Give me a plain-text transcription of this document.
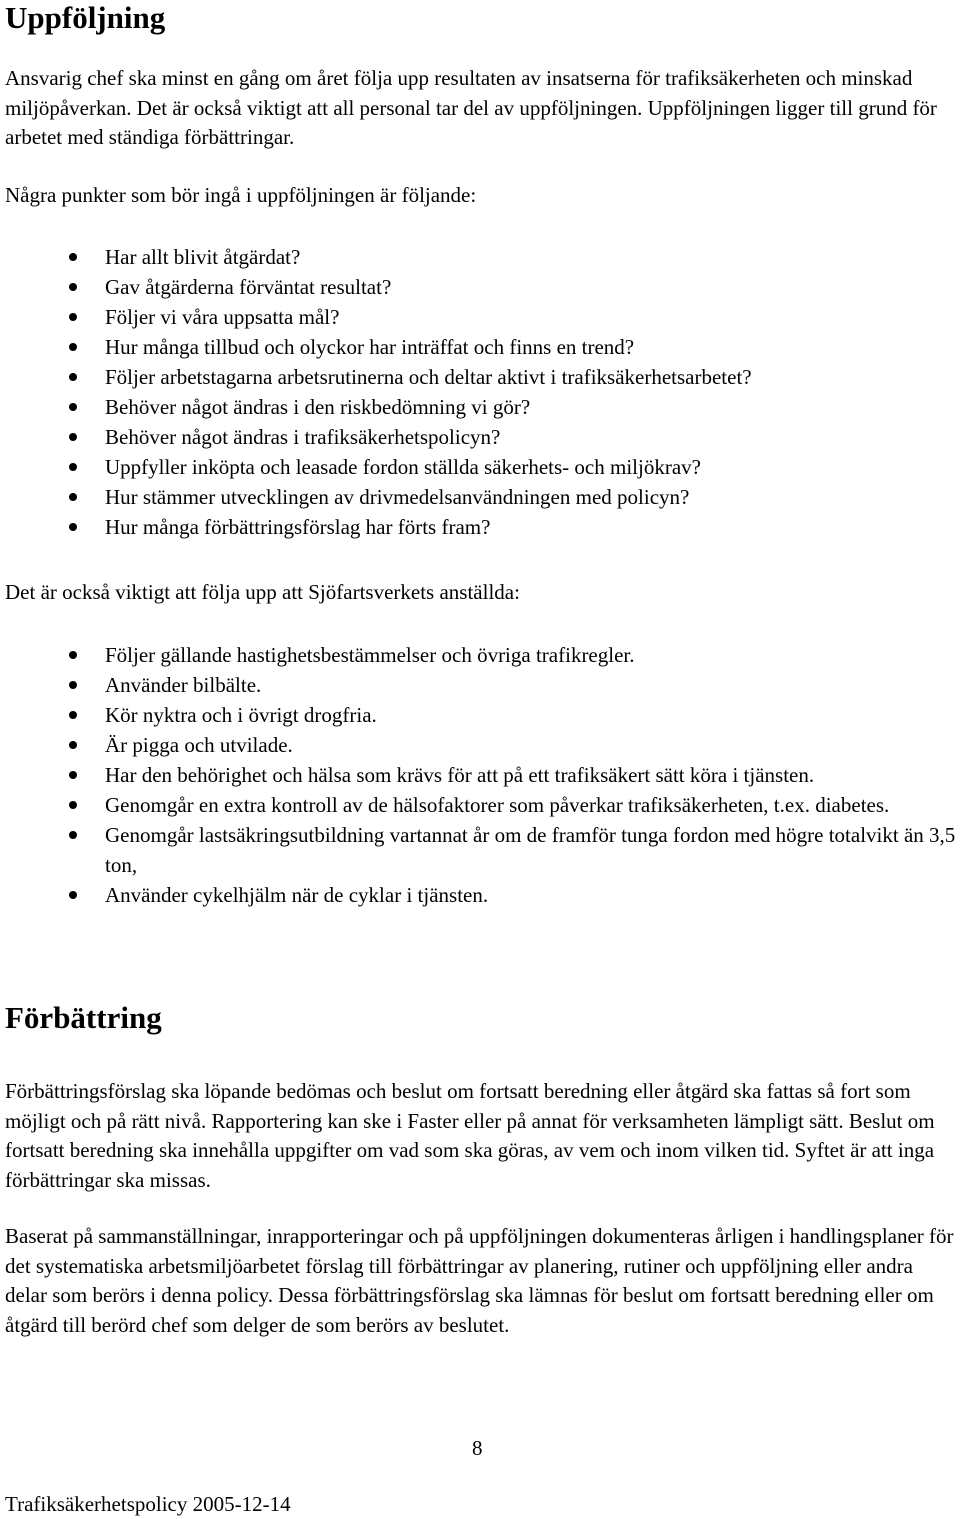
Uppföljning

Ansvarig chef ska minst en gång om året följa upp resultaten av insatserna för trafiksäkerheten och minskad miljöpåverkan. Det är också viktigt att all personal tar del av uppföljningen. Uppföljningen ligger till grund för arbetet med ständiga förbättringar.

Några punkter som bör ingå i uppföljningen är följande:

Har allt blivit åtgärdat?
Gav åtgärderna förväntat resultat?
Följer vi våra uppsatta mål?
Hur många tillbud och olyckor har inträffat och finns en trend?
Följer arbetstagarna arbetsrutinerna och deltar aktivt i trafiksäkerhetsarbetet?
Behöver något ändras i den riskbedömning vi gör?
Behöver något ändras i trafiksäkerhetspolicyn?
Uppfyller inköpta och leasade fordon ställda säkerhets- och miljökrav?
Hur stämmer utvecklingen av drivmedelsanvändningen med policyn?
Hur många förbättringsförslag har förts fram?

Det är också viktigt att följa upp att Sjöfartsverkets anställda:

Följer gällande hastighetsbestämmelser och övriga trafikregler.
Använder bilbälte.
Kör nyktra och i övrigt drogfria.
Är pigga och utvilade.
Har den behörighet och hälsa som krävs för att på ett trafiksäkert sätt köra i tjänsten.
Genomgår en extra kontroll av de hälsofaktorer som påverkar trafiksäkerheten, t.ex. diabetes.
Genomgår lastsäkringsutbildning vartannat år om de framför tunga fordon med högre totalvikt än 3,5 ton,
Använder cykelhjälm när de cyklar i tjänsten.
Förbättring

Förbättringsförslag ska löpande bedömas och beslut om fortsatt beredning eller åtgärd ska fattas så fort som möjligt och på rätt nivå. Rapportering kan ske i Faster eller på annat för verksamheten lämpligt sätt. Beslut om fortsatt beredning ska innehålla uppgifter om vad som ska göras, av vem och inom vilken tid. Syftet är att inga förbättringar ska missas.

Baserat på sammanställningar, inrapporteringar och på uppföljningen dokumenteras årligen i handlingsplaner för det systematiska arbetsmiljöarbetet förslag till förbättringar av planering, rutiner och uppföljning eller andra delar som berörs i denna policy. Dessa förbättringsförslag ska lämnas för beslut om fortsatt beredning eller om åtgärd till berörd chef som delger de som berörs av beslutet.

8
Trafiksäkerhetspolicy 2005-12-14
